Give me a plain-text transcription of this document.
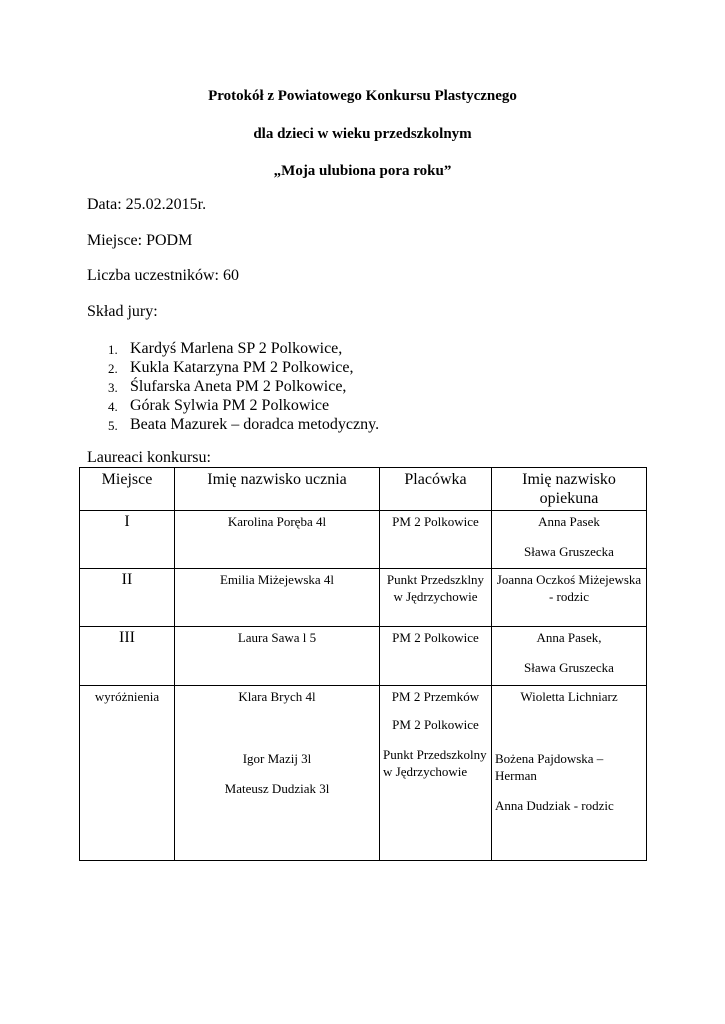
Protokół z Powiatowego Konkursu Plastycznego
dla dzieci w wieku przedszkolnym
„Moja ulubiona pora roku”
Data: 25.02.2015r.
Miejsce: PODM
Liczba uczestników: 60
Skład jury:
1. Kardyś Marlena SP 2 Polkowice,
2. Kukla Katarzyna PM 2 Polkowice,
3. Ślufarska Aneta PM 2 Polkowice,
4. Górak Sylwia PM 2 Polkowice
5. Beata Mazurek – doradca metodyczny.
Laureaci konkursu:
Miejsce	Imię nazwisko ucznia	Placówka	Imię nazwisko opiekuna
I	Karolina Poręba 4l	PM 2 Polkowice	Anna Pasek
Sława Gruszecka

II	Emilia Miżejewska 4l	Punkt Przedszklny w Jędrzychowie	Joanna Oczkoś Miżejewska - rodzic
III	Laura Sawa l 5	PM 2 Polkowice	Anna Pasek,
Sława Gruszecka

wyróżnienia	Klara Brych 4l
Igor Mazij 3l
Mateusz Dudziak 3l	PM 2 Przemków
PM 2 Polkowice
Punkt Przedszkolny w Jędrzychowie	Wioletta Lichniarz
Bożena Pajdowska – Herman
Anna Dudziak - rodzic
